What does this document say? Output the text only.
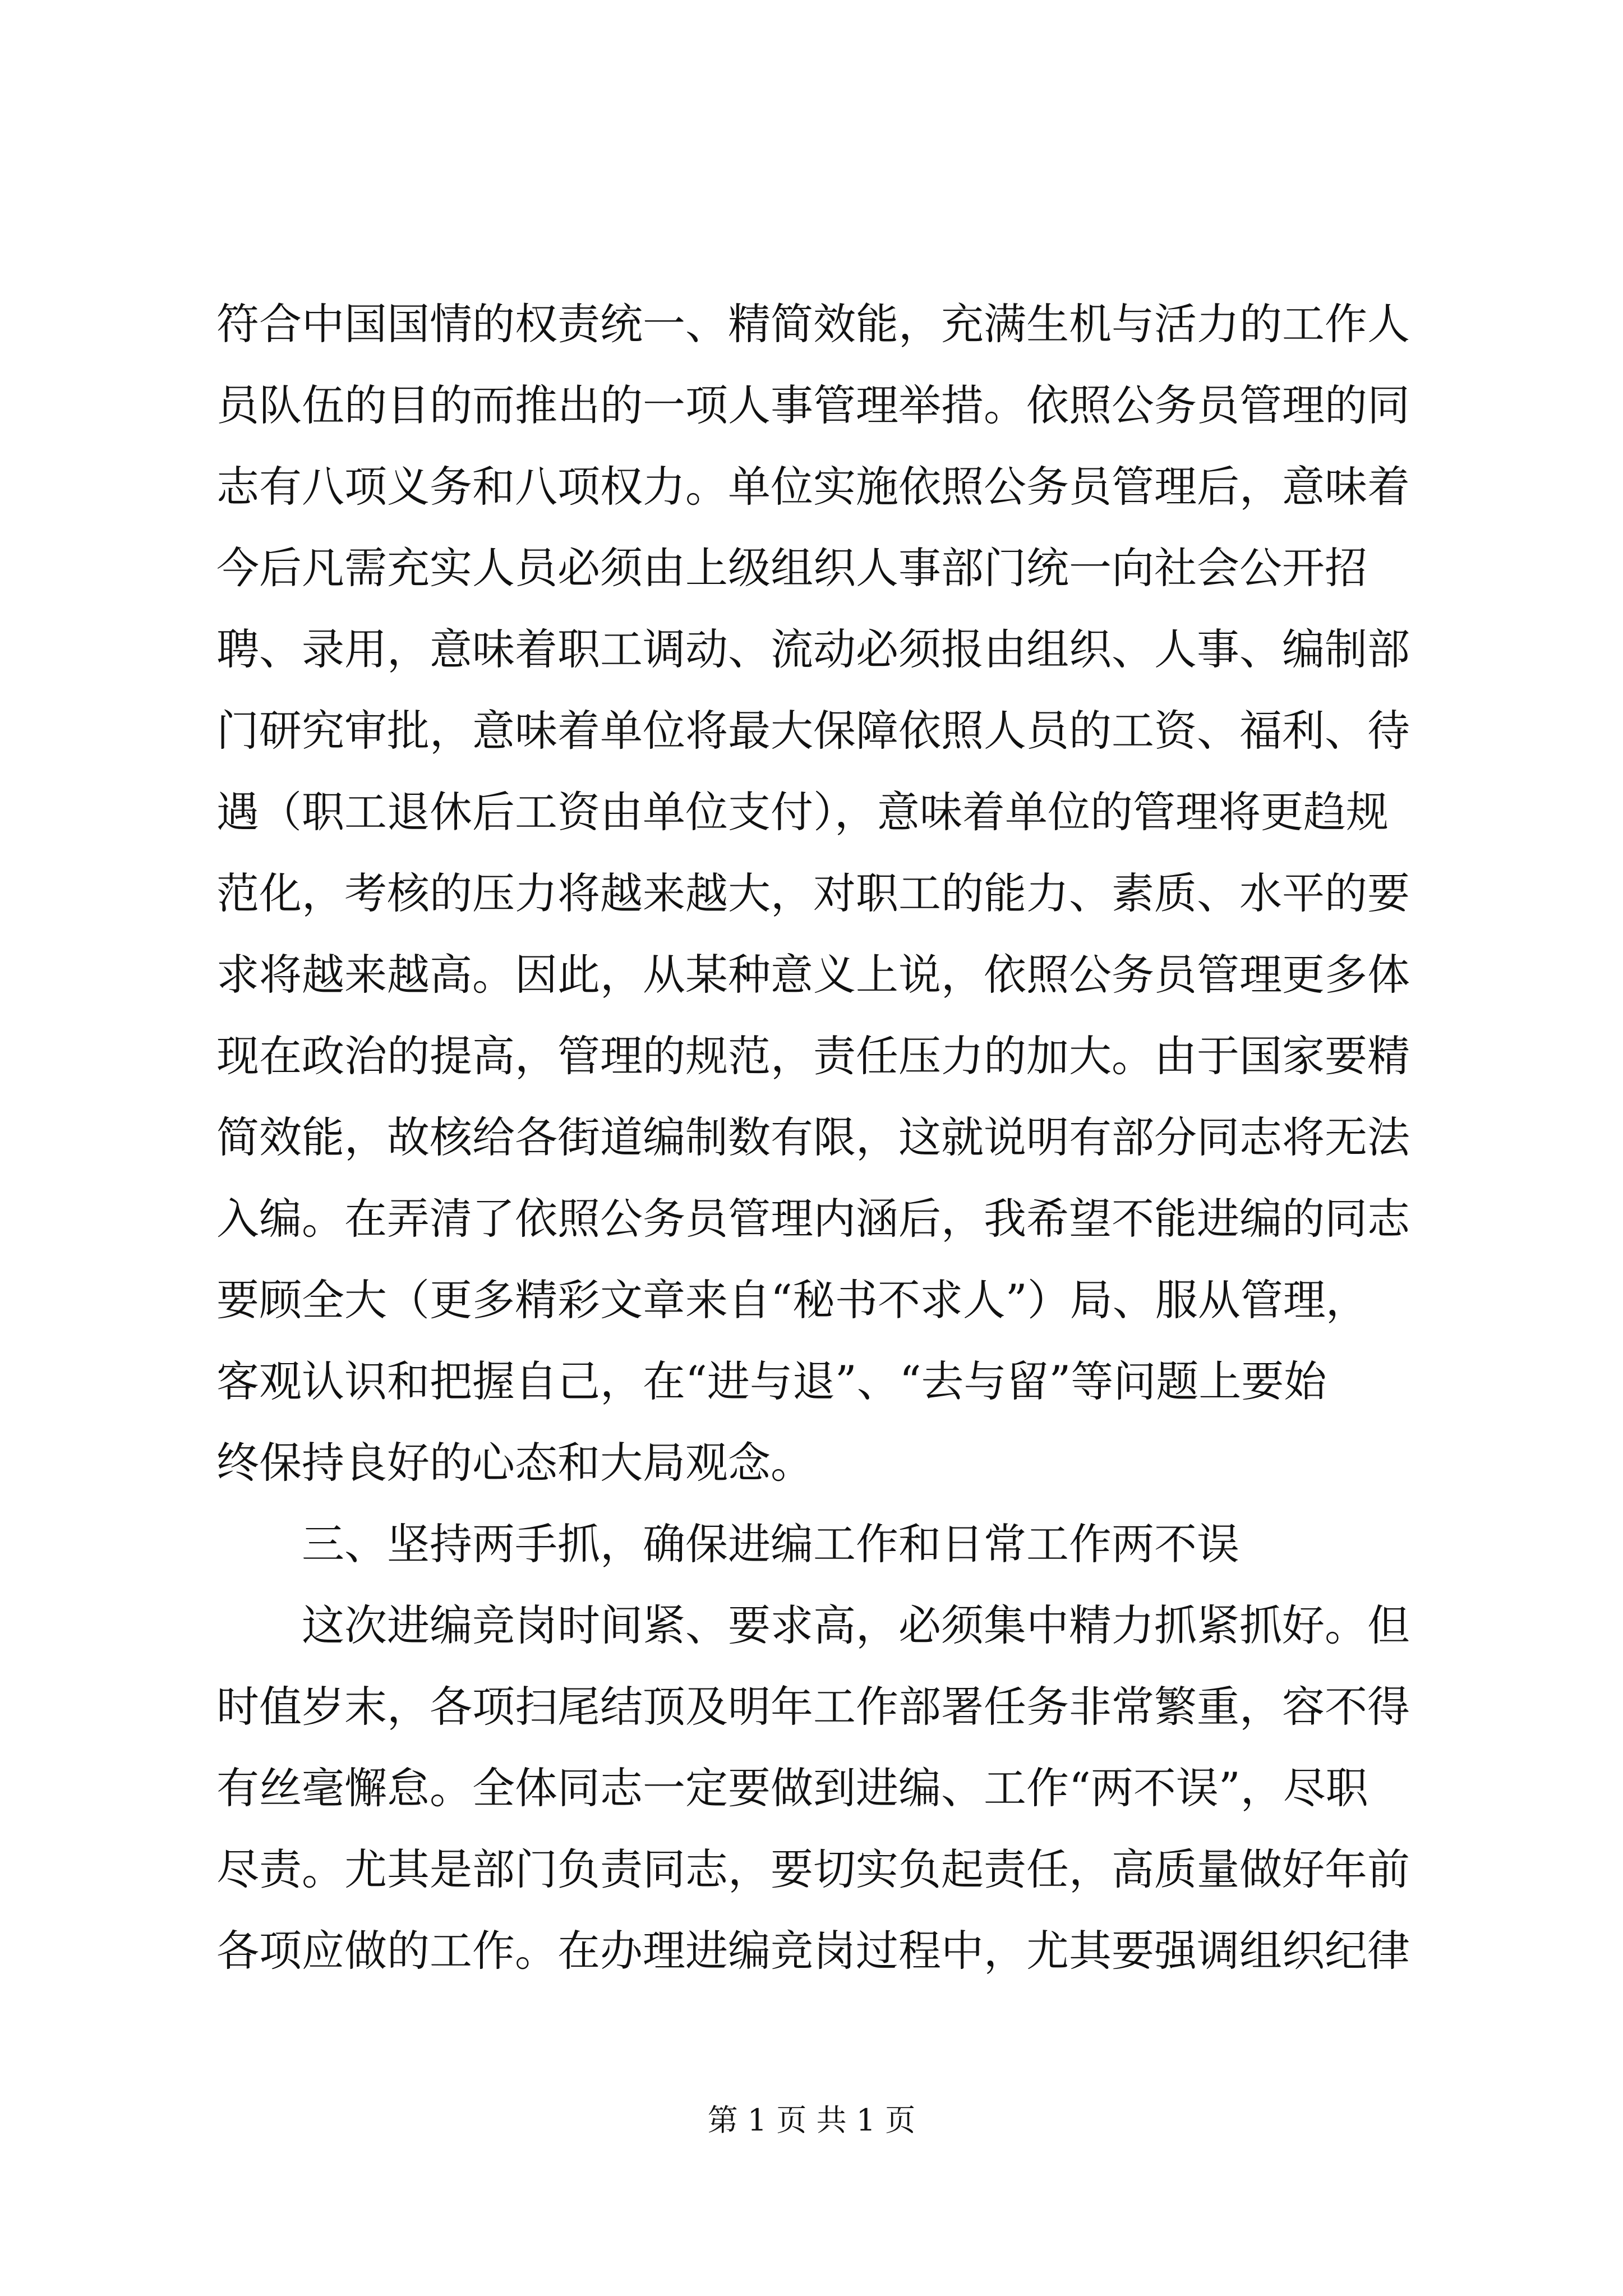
符合中国国情的权责统一、精简效能，充满生机与活力的工作人
员队伍的目的而推出的一项人事管理举措。依照公务员管理的同
志有八项义务和八项权力。单位实施依照公务员管理后，意味着
今后凡需充实人员必须由上级组织人事部门统一向社会公开招
聘、录用，意味着职工调动、流动必须报由组织、人事、编制部
门研究审批，意味着单位将最大保障依照人员的工资、福利、待
遇（职工退休后工资由单位支付），意味着单位的管理将更趋规
范化，考核的压力将越来越大，对职工的能力、素质、水平的要
求将越来越高。因此，从某种意义上说，依照公务员管理更多体
现在政治的提高，管理的规范，责任压力的加大。由于国家要精
简效能，故核给各街道编制数有限，这就说明有部分同志将无法
入编。在弄清了依照公务员管理内涵后，我希望不能进编的同志
要顾全大（更多精彩文章来自“秘书不求人”）局、服从管理，
客观认识和把握自己，在“进与退”、“去与留”等问题上要始
终保持良好的心态和大局观念。
三、坚持两手抓，确保进编工作和日常工作两不误
这次进编竞岗时间紧、要求高，必须集中精力抓紧抓好。但
时值岁末，各项扫尾结顶及明年工作部署任务非常繁重，容不得
有丝毫懈怠。全体同志一定要做到进编、工作“两不误”，尽职
尽责。尤其是部门负责同志，要切实负起责任，高质量做好年前
各项应做的工作。在办理进编竞岗过程中，尤其要强调组织纪律
第 1 页 共 1 页
